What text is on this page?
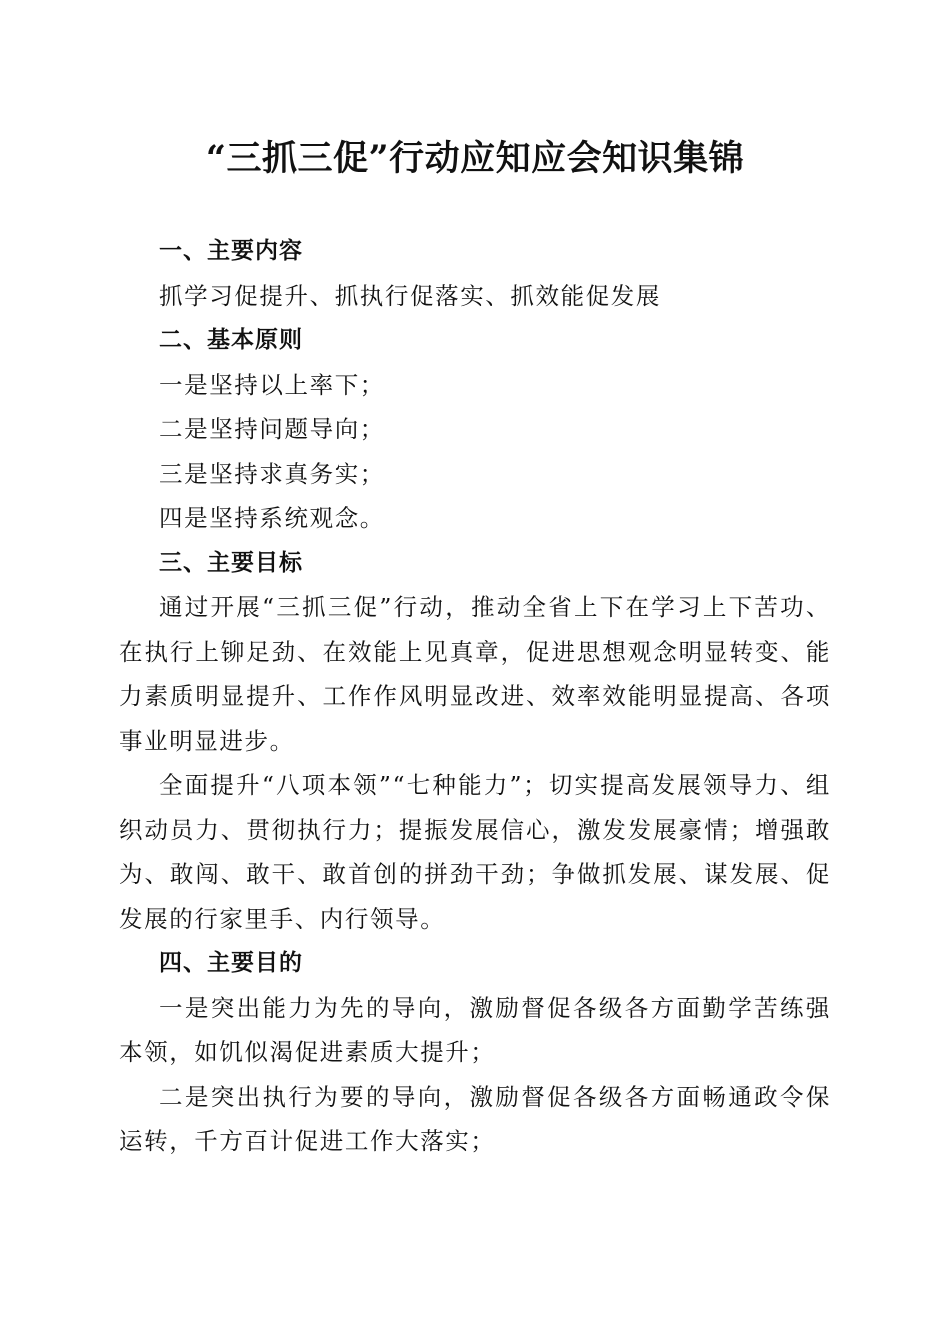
“三抓三促”行动应知应会知识集锦
一、主要内容

抓学习促提升、抓执行促落实、抓效能促发展

二、基本原则

一是坚持以上率下；

二是坚持问题导向；

三是坚持求真务实；

四是坚持系统观念。

三、主要目标

通过开展“三抓三促”行动，推动全省上下在学习上下苦功、在执行上铆足劲、在效能上见真章，促进思想观念明显转变、能力素质明显提升、工作作风明显改进、效率效能明显提高、各项事业明显进步。

全面提升“八项本领”“七种能力”；切实提高发展领导力、组织动员力、贯彻执行力；提振发展信心，激发发展豪情；增强敢为、敢闯、敢干、敢首创的拼劲干劲；争做抓发展、谋发展、促发展的行家里手、内行领导。

四、主要目的

一是突出能力为先的导向，激励督促各级各方面勤学苦练强本领，如饥似渴促进素质大提升；

二是突出执行为要的导向，激励督促各级各方面畅通政令保运转，千方百计促进工作大落实；
